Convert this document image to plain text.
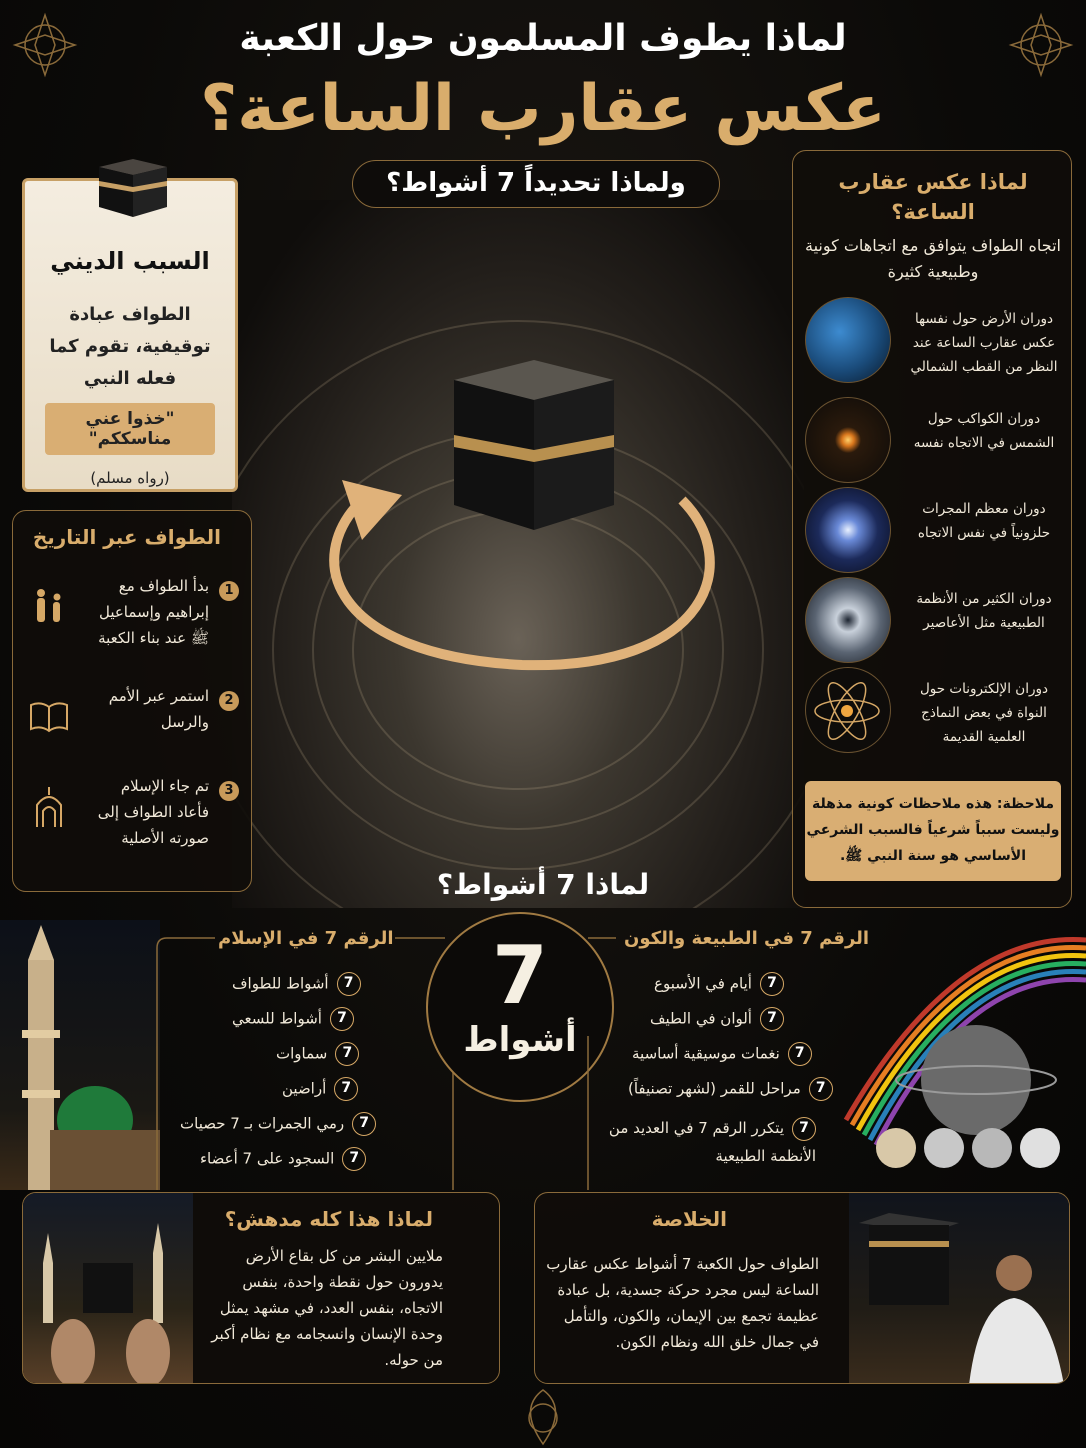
لماذا يطوف المسلمون حول الكعبة
عكس عقارب الساعة؟
ولماذا تحديداً 7 أشواط؟
السبب الديني
الطواف عبادة توقيفية، تقوم كما فعله النبي
"خذوا عني مناسككم"
(رواه مسلم)
الطواف عبر التاريخ
1
بدأ الطواف مع إبراهيم وإسماعيل ﷺ عند بناء الكعبة
2
استمر عبر الأمم والرسل
3
تم جاء الإسلام فأعاد الطواف إلى صورته الأصلية
لماذا عكس عقارب الساعة؟
اتجاه الطواف يتوافق مع اتجاهات كونية وطبيعية كثيرة
دوران الأرض حول نفسها عكس عقارب الساعة عند النظر من القطب الشمالي
دوران الكواكب حول الشمس في الاتجاه نفسه
دوران معظم المجرات حلزونياً في نفس الاتجاه
دوران الكثير من الأنظمة الطبيعية مثل الأعاصير
دوران الإلكترونات حول النواة في بعض النماذج العلمية القديمة
ملاحظة: هذه ملاحظات كونية مذهلة وليست سبباً شرعياً فالسبب الشرعي الأساسي هو سنة النبي ﷺ.
لماذا 7 أشواط؟
الرقم 7 في الإسلام
7أشواط للطواف
7أشواط للسعي
7سماوات
7أراضين
7رمي الجمرات بـ 7 حصيات
7السجود على 7 أعضاء
7
أشواط
الرقم 7 في الطبيعة والكون
7أيام في الأسبوع
7ألوان في الطيف
7نغمات موسيقية أساسية
7مراحل للقمر (لشهر تصنيفاً)
7يتكرر الرقم 7 في العديد من الأنظمة الطبيعية
لماذا هذا كله مدهش؟
ملايين البشر من كل بقاع الأرض يدورون حول نقطة واحدة، بنفس الاتجاه، بنفس العدد، في مشهد يمثل وحدة الإنسان وانسجامه مع نظام أكبر من حوله.
الخلاصة
الطواف حول الكعبة 7 أشواط عكس عقارب الساعة ليس مجرد حركة جسدية، بل عبادة عظيمة تجمع بين الإيمان، والكون، والتأمل في جمال خلق الله ونظام الكون.
